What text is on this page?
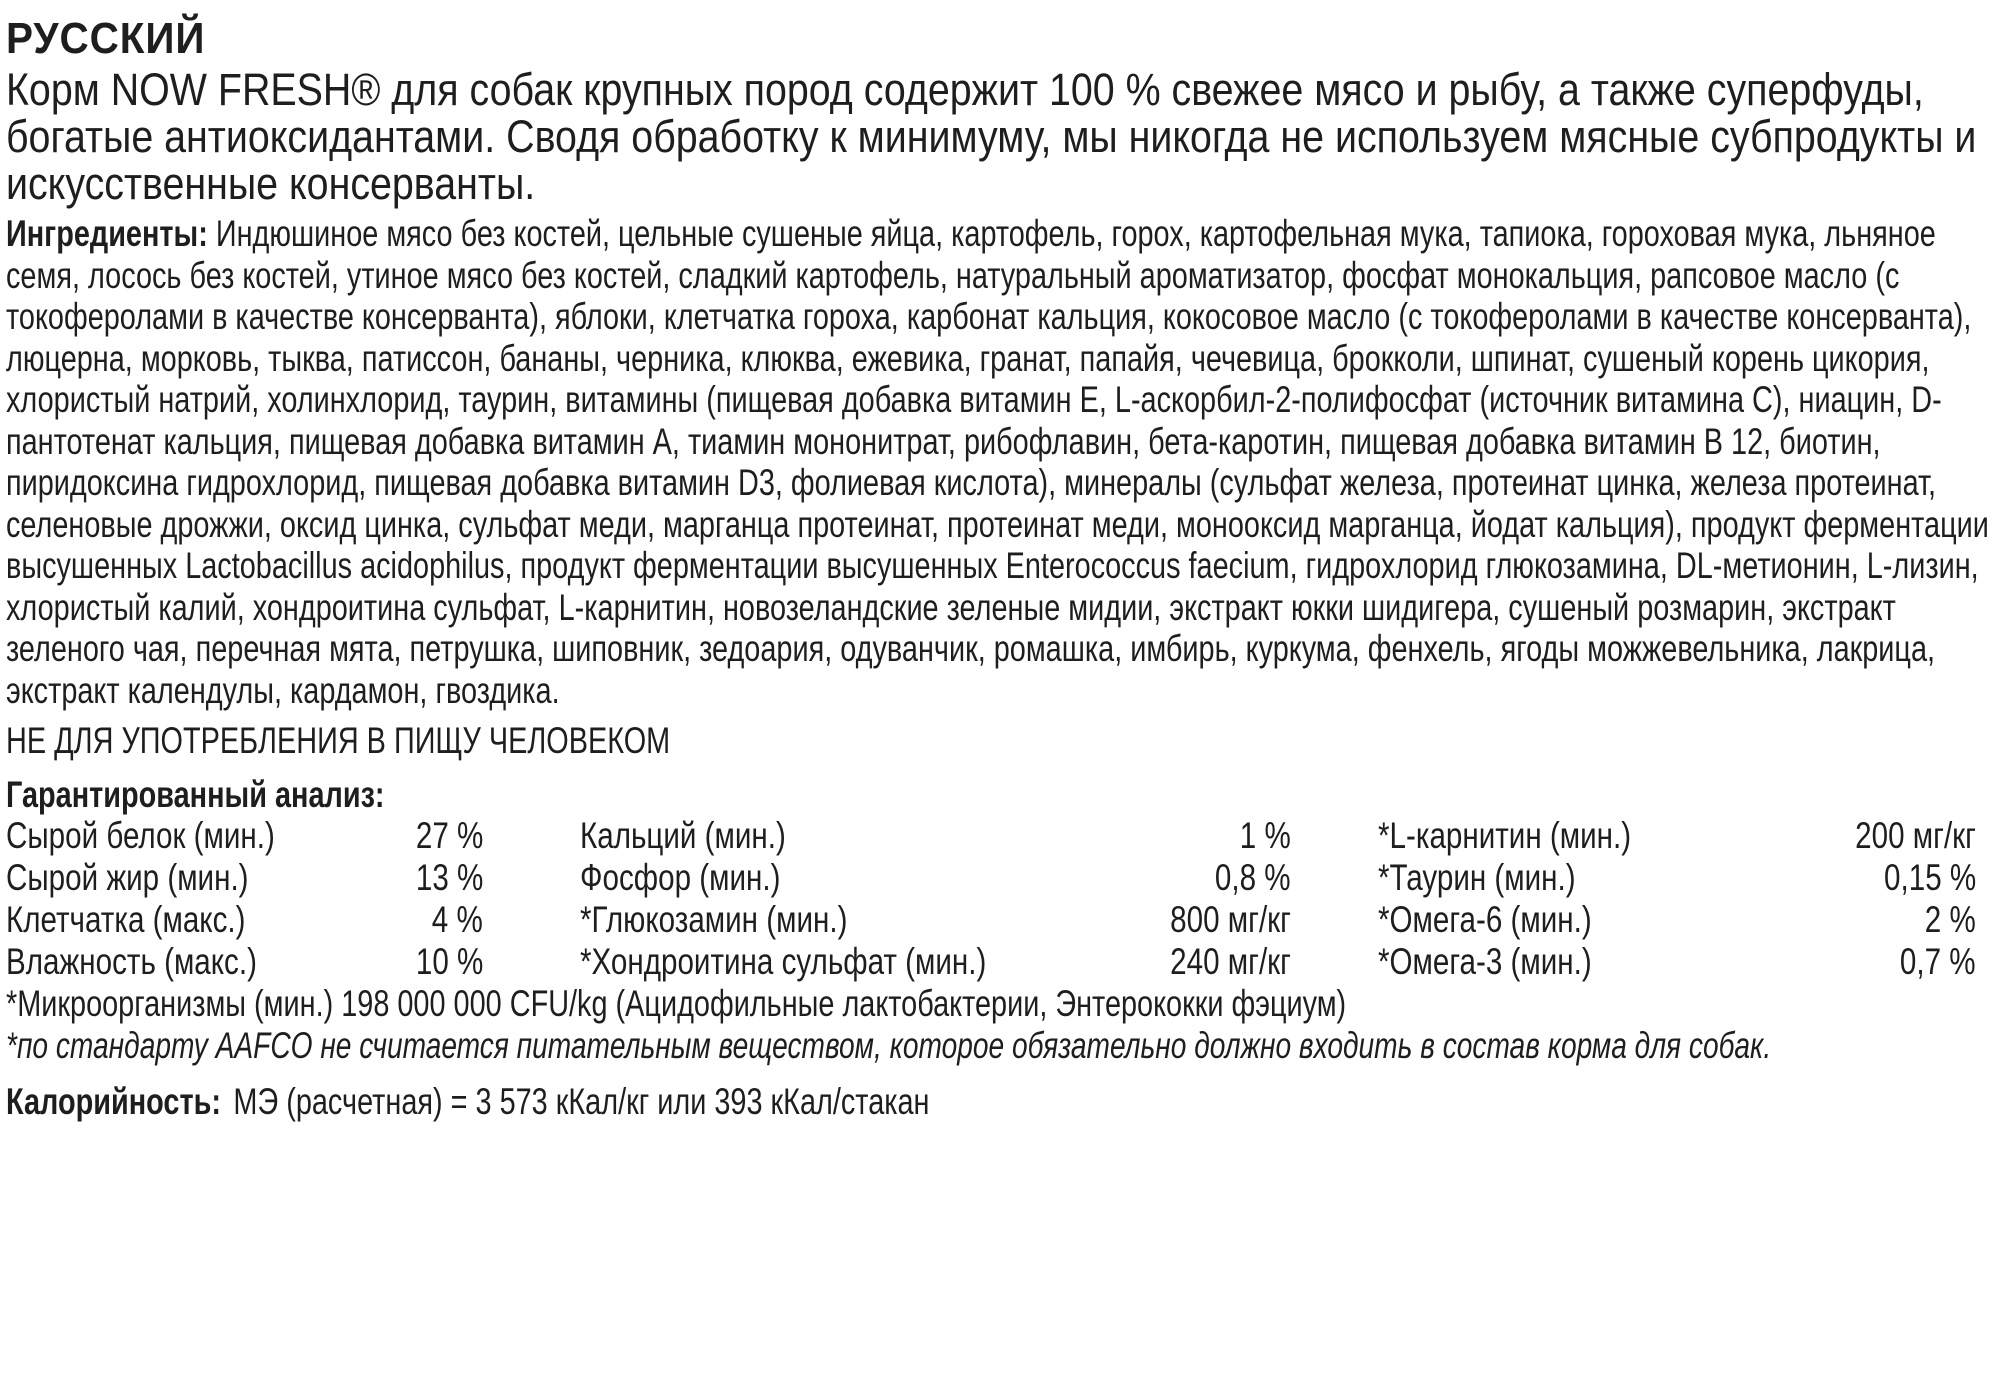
РУССКИЙ
Корм NOW FRESH® для собак крупных пород содержит 100 % свежее мясо и рыбу, а также суперфуды, богатые антиоксидантами. Сводя обработку к минимуму, мы никогда не используем мясные субпродукты и искусственные консерванты.
Ингредиенты: Индюшиное мясо без костей, цельные сушеные яйца, картофель, горох, картофельная мука, тапиока, гороховая мука, льняное семя, лосось без костей, утиное мясо без костей, сладкий картофель, натуральный ароматизатор, фосфат монокальция, рапсовое масло (с токоферолами в качестве консерванта), яблоки, клетчатка гороха, карбонат кальция, кокосовое масло (с токоферолами в качестве консерванта), люцерна, морковь, тыква, патиссон, бананы, черника, клюква, ежевика, гранат, папайя, чечевица, брокколи, шпинат, сушеный корень цикория, хлористый натрий, холинхлорид, таурин, витамины (пищевая добавка витамин Е, L-аскорбил-2-полифосфат (источник витамина С), ниацин, D-пантотенат кальция, пищевая добавка витамин А, тиамин мононитрат, рибофлавин, бета-каротин, пищевая добавка витамин В 12, биотин, пиридоксина гидрохлорид, пищевая добавка витамин D3, фолиевая кислота), минералы (сульфат железа, протеинат цинка, железа протеинат, селеновые дрожжи, оксид цинка, сульфат меди, марганца протеинат, протеинат меди, монооксид марганца, йодат кальция), продукт ферментации высушенных Lactobacillus acidophilus, продукт ферментации высушенных Enterococcus faecium, гидрохлорид глюкозамина, DL-метионин, L-лизин, хлористый калий, хондроитина сульфат, L-карнитин, новозеландские зеленые мидии, экстракт юкки шидигера, сушеный розмарин, экстракт зеленого чая, перечная мята, петрушка, шиповник, зедоария, одуванчик, ромашка, имбирь, куркума, фенхель, ягоды можжевельника, лакрица, экстракт календулы, кардамон, гвоздика.
НЕ ДЛЯ УПОТРЕБЛЕНИЯ В ПИЩУ ЧЕЛОВЕКОМ
Гарантированный анализ:
Сырой белок (мин.)	27 %
Сырой жир (мин.)	13 %
Клетчатка (макс.)	4 %
Влажность (макс.)	10 %
Кальций (мин.)	1 %
Фосфор (мин.)	0,8 %
*Глюкозамин (мин.)	800 мг/кг
*Хондроитина сульфат (мин.)	240 мг/кг
*L-карнитин (мин.)	200 мг/кг
*Таурин (мин.)	0,15 %
*Омега-6 (мин.)	2 %
*Омега-3 (мин.)	0,7 %
*Микроорганизмы (мин.) 198 000 000 CFU/kg (Ацидофильные лактобактерии, Энтерококки фэциум)
*по стандарту AAFCO не считается питательным веществом, которое обязательно должно входить в состав корма для собак.
Калорийность: МЭ (расчетная) = 3 573 кКал/кг или 393 кКал/стакан
